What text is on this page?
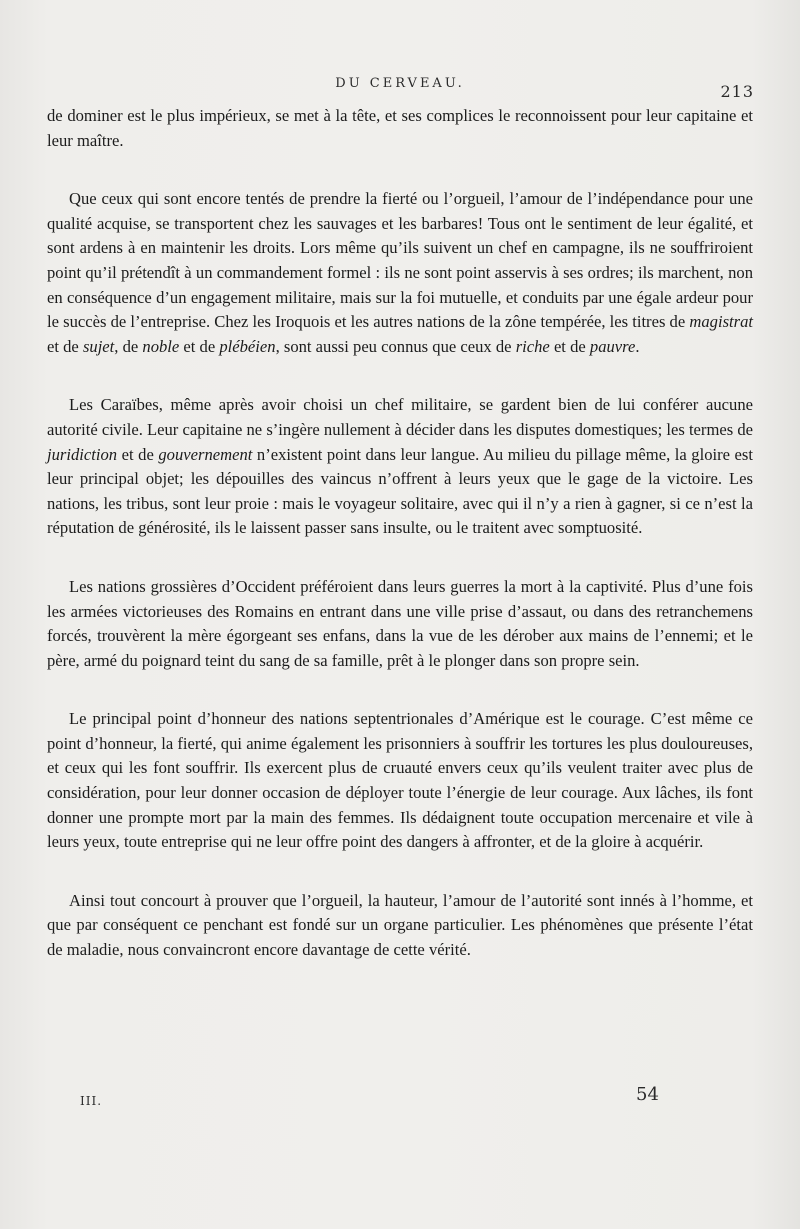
DU CERVEAU.	213

de dominer est le plus impérieux, se met à la tête, et ses complices le reconnoissent pour leur capitaine et leur maître.

Que ceux qui sont encore tentés de prendre la fierté ou l’orgueil, l’amour de l’indépendance pour une qualité acquise, se transportent chez les sauvages et les barbares! Tous ont le sentiment de leur égalité, et sont ardens à en maintenir les droits. Lors même qu’ils suivent un chef en campagne, ils ne souffriroient point qu’il prétendît à un commandement formel : ils ne sont point asservis à ses ordres; ils marchent, non en conséquence d’un engagement militaire, mais sur la foi mutuelle, et conduits par une égale ardeur pour le succès de l’entreprise. Chez les Iroquois et les autres nations de la zône tempérée, les titres de magistrat et de sujet, de noble et de plébéien, sont aussi peu connus que ceux de riche et de pauvre.

Les Caraïbes, même après avoir choisi un chef militaire, se gardent bien de lui conférer aucune autorité civile. Leur capitaine ne s’ingère nullement à décider dans les disputes domestiques; les termes de juridiction et de gouvernement n’existent point dans leur langue. Au milieu du pillage même, la gloire est leur principal objet; les dépouilles des vaincus n’offrent à leurs yeux que le gage de la victoire. Les nations, les tribus, sont leur proie : mais le voyageur solitaire, avec qui il n’y a rien à gagner, si ce n’est la réputation de générosité, ils le laissent passer sans insulte, ou le traitent avec somptuosité.

Les nations grossières d’Occident préféroient dans leurs guerres la mort à la captivité. Plus d’une fois les armées victorieuses des Romains en entrant dans une ville prise d’assaut, ou dans des retranchemens forcés, trouvèrent la mère égorgeant ses enfans, dans la vue de les dérober aux mains de l’ennemi; et le père, armé du poignard teint du sang de sa famille, prêt à le plonger dans son propre sein.

Le principal point d’honneur des nations septentrionales d’Amérique est le courage. C’est même ce point d’honneur, la fierté, qui anime également les prisonniers à souffrir les tortures les plus douloureuses, et ceux qui les font souffrir. Ils exercent plus de cruauté envers ceux qu’ils veulent traiter avec plus de considération, pour leur donner occasion de déployer toute l’énergie de leur courage. Aux lâches, ils font donner une prompte mort par la main des femmes. Ils dédaignent toute occupation mercenaire et vile à leurs yeux, toute entreprise qui ne leur offre point des dangers à affronter, et de la gloire à acquérir.

Ainsi tout concourt à prouver que l’orgueil, la hauteur, l’amour de l’autorité sont innés à l’homme, et que par conséquent ce penchant est fondé sur un organe particulier. Les phénomènes que présente l’état de maladie, nous convaincront encore davantage de cette vérité.

III.	54
